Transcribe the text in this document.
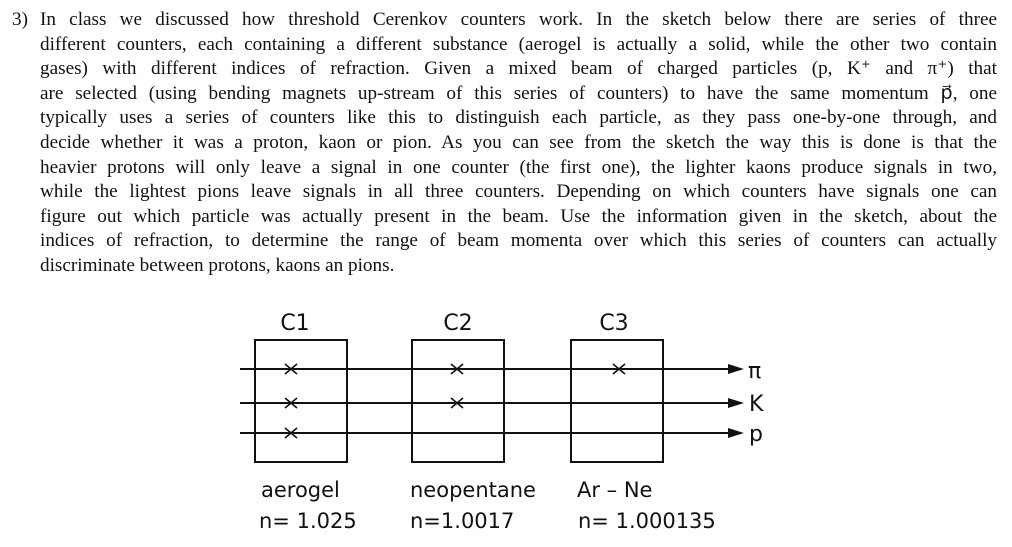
3) In class we discussed how threshold Cerenkov counters work. In the sketch below there are series of three
different counters, each containing a different substance (aerogel is actually a solid, while the other two contain
gases) with different indices of refraction. Given a mixed beam of charged particles (p, K⁺ and π⁺) that
are selected (using bending magnets up-stream of this series of counters) to have the same momentum p⃗, one
typically uses a series of counters like this to distinguish each particle, as they pass one-by-one through, and
decide whether it was a proton, kaon or pion. As you can see from the sketch the way this is done is that the
heavier protons will only leave a signal in one counter (the first one), the lighter kaons produce signals in two,
while the lightest pions leave signals in all three counters. Depending on which counters have signals one can
figure out which particle was actually present in the beam. Use the information given in the sketch, about the
indices of refraction, to determine the range of beam momenta over which this series of counters can actually
discriminate between protons, kaons an pions.
C1	C2	C3
π
K
p
aerogel	neopentane Ar – Ne
n= 1.025	n=1.0017	n= 1.000135
